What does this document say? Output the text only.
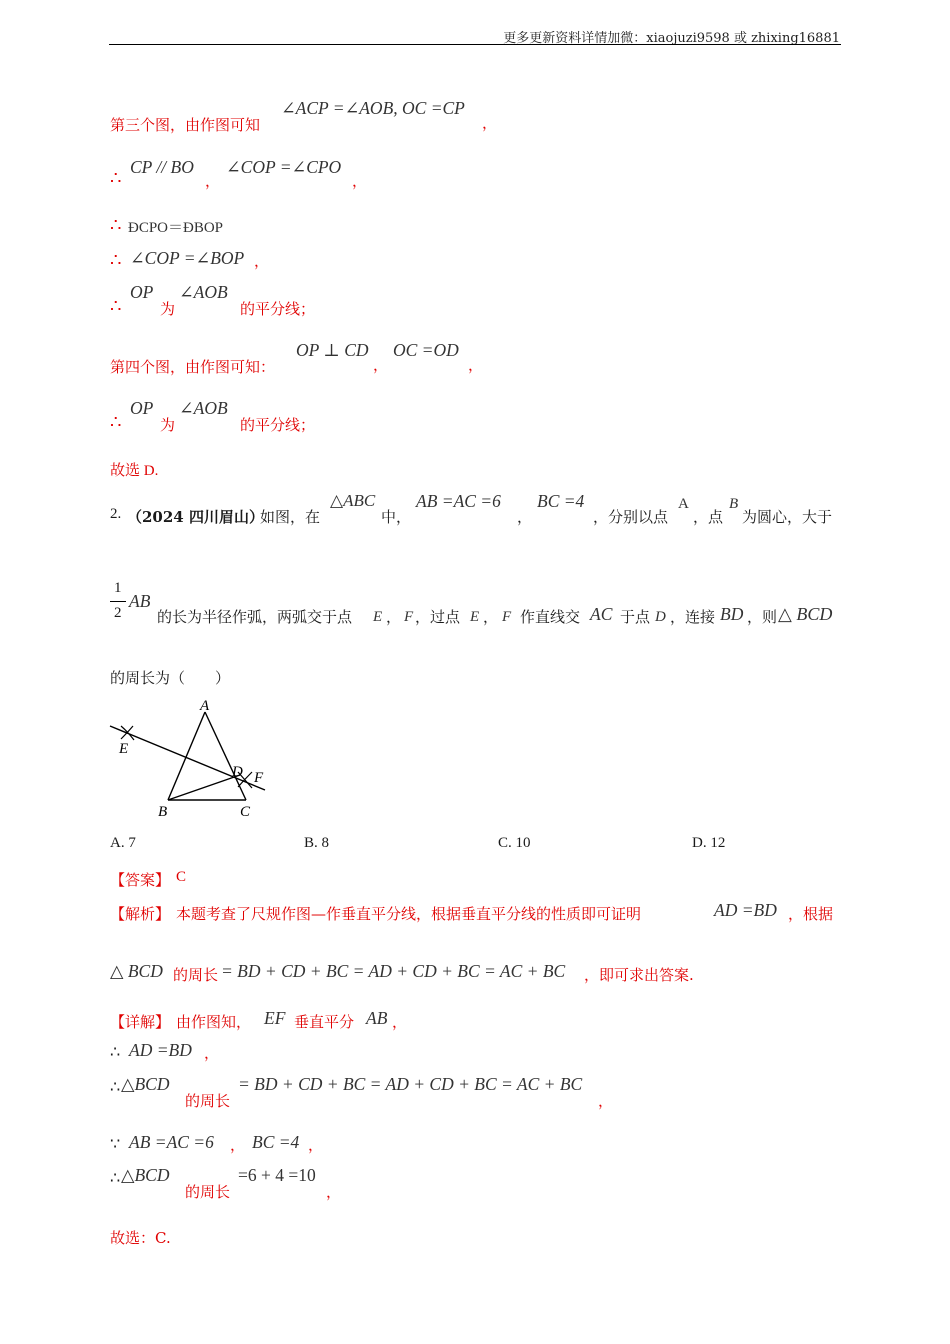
更多更新资料详情加微：xiaojuzi9598 或 zhixing16881
第三个图，由作图可知
∠ACP =∠AOB, OC =CP
，
∴
CP // BO
，
∠COP =∠CPO
，
∴ ÐCPO＝ÐBOP
∴ ∠COP =∠BOP ，
∴
OP
为
∠AOB
的平分线；
第四个图，由作图可知：
OP ⊥ CD
，
OC =OD
，
∴
OP
为
∠AOB
的平分线；
故选 D.
2. （2024 四川眉山）
如图，在
△ABC
中，
AB =AC =6
，
BC =4
，分别以点
A
，点
B
为圆心，大于
1
2
AB
的长为半径作弧，两弧交于点 E ， F ，过点 E ， F 作直线交 AC 于点 D ，连接 BD ，则 △ BCD
的周长为（　　）
A
B	C
D
E
F
A. 7	B. 8	C. 10	D. 12
【答案】 C
【解析】 本题考查了尺规作图—作垂直平分线，根据垂直平分线的性质即可证明	AD =BD ，根据
△ BCD 的周长 = BD + CD + BC = AD + CD + BC = AC + BC ，即可求出答案.
【详解】 由作图知， EF 垂直平分 AB ，
∴ AD =BD ，
∴ △BCD
的周长
= BD + CD + BC = AD + CD + BC = AC + BC
，
∵ AB =AC =6 ， BC =4 ，
∴ △BCD
的周长
=6 + 4 =10
，
故选：C.
